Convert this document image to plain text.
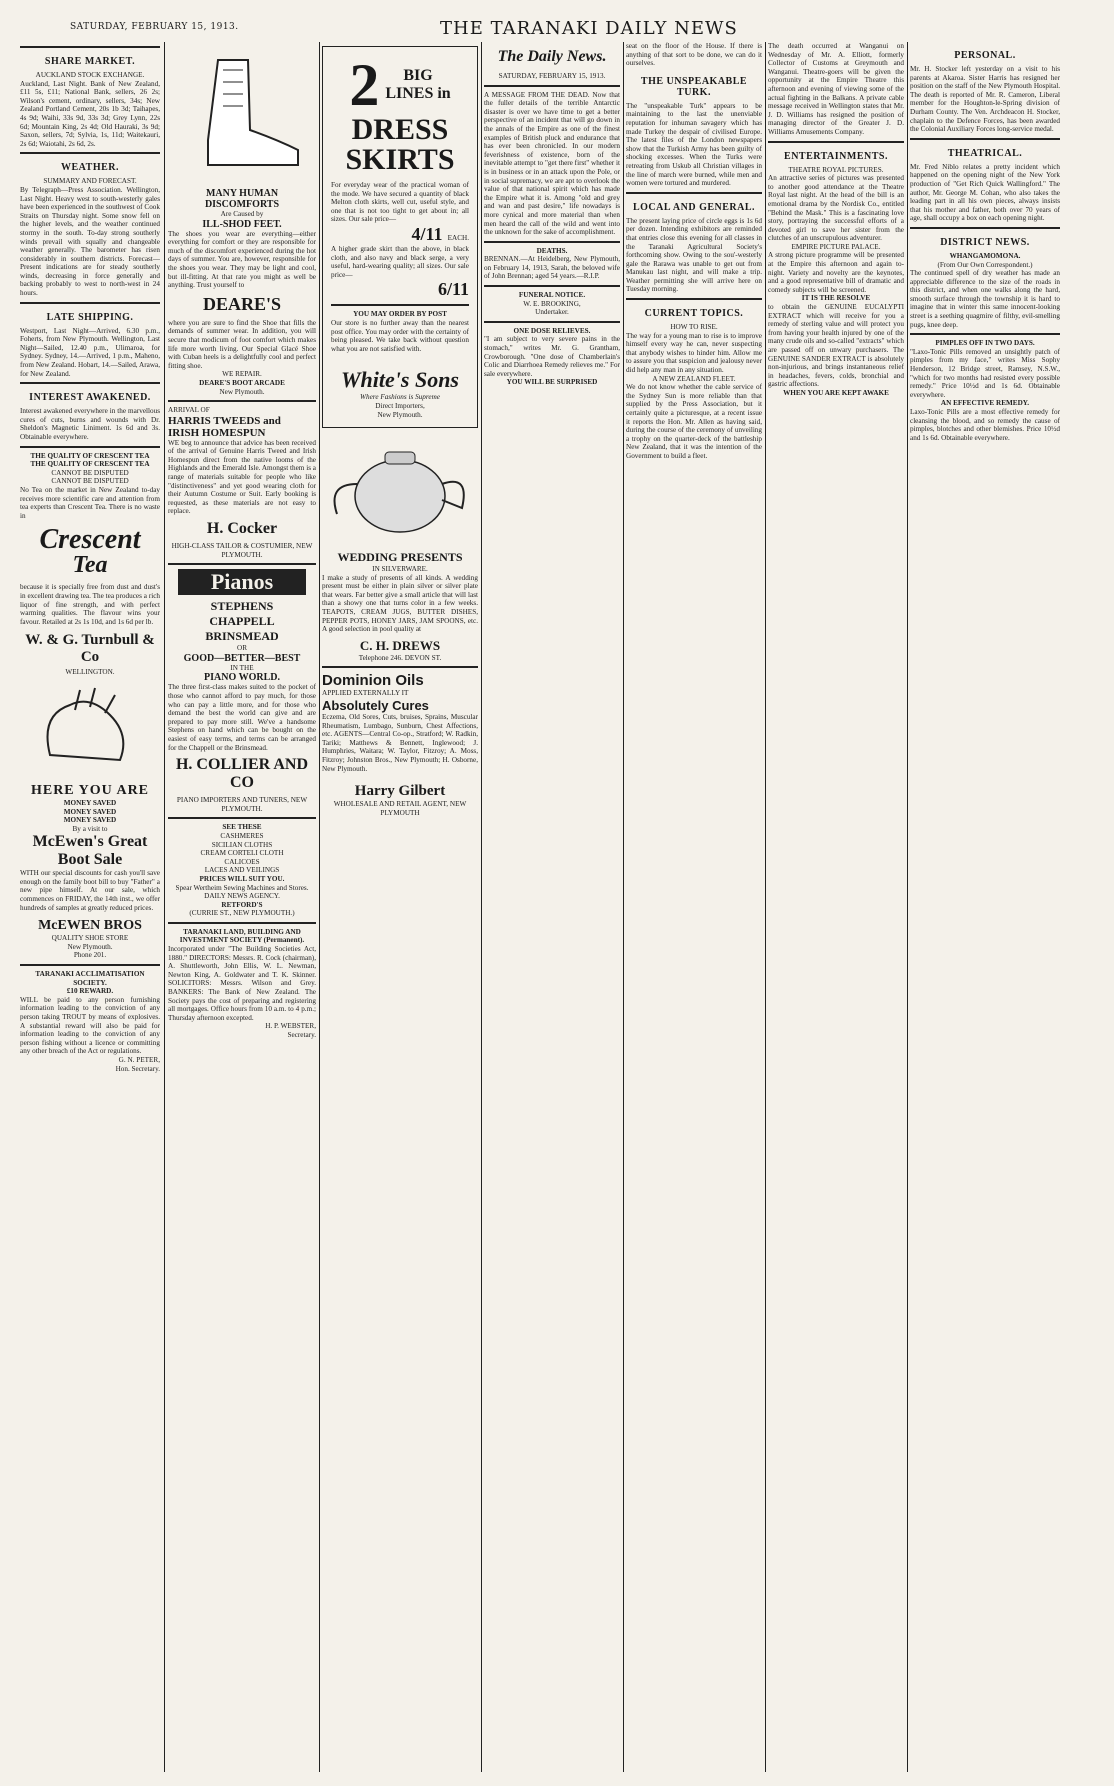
SATURDAY, FEBRUARY 15, 1913.	THE TARANAKI DAILY NEWS
SHARE MARKET.
AUCKLAND STOCK EXCHANGE.

Auckland, Last Night. Bank of New Zealand, £11 5s, £11; National Bank, sellers, 26 2s; Wilson's cement, ordinary, sellers, 34s; New Zealand Portland Cement, 20s 1b 3d; Taihapes, 4s 9d; Waihi, 33s 9d, 33s 3d; Grey Lynn, 22s 6d; Mountain King, 2s 4d; Old Hauraki, 3s 9d; Saxon, sellers, 7d; Sylvia, 1s, 11d; Waitekauri, 2s 6d; Waiotahi, 2s 6d, 2s.

WEATHER.
SUMMARY AND FORECAST.

By Telegraph—Press Association. Wellington, Last Night. Heavy west to south-westerly gales have been experienced in the southwest of Cook Straits on Thursday night. Some snow fell on the higher levels, and the weather continued stormy in the south. To-day strong southerly winds prevail with squally and changeable weather generally. The barometer has risen considerably in southern districts. Forecast—Present indications are for steady southerly winds, decreasing in force generally and backing probably to west to north-west in 24 hours.

LATE SHIPPING.

Westport, Last Night—Arrived, 6.30 p.m., Foherts, from New Plymouth. Wellington, Last Night—Sailed, 12.40 p.m., Ulimaroa, for Sydney. Sydney, 14.—Arrived, 1 p.m., Maheno, from New Zealand. Hobart, 14.—Sailed, Arawa, for New Zealand.

INTEREST AWAKENED.

Interest awakened everywhere in the marvellous cures of cuts, burns and wounds with Dr. Sheldon's Magnetic Liniment. 1s 6d and 3s. Obtainable everywhere.

THE QUALITY OF CRESCENT TEA
THE QUALITY OF CRESCENT TEA
CANNOT BE DISPUTED
CANNOT BE DISPUTED

No Tea on the market in New Zealand to-day receives more scientific care and attention from tea experts than Crescent Tea. There is no waste in

Crescent
Tea

because it is specially free from dust and dust's in excellent drawing tea. The tea produces a rich liquor of fine strength, and with perfect warming qualities. The flavour wins your favour. Retailed at 2s 1s 10d, and 1s 6d per lb.

W. & G. Turnbull & Co
WELLINGTON.
HERE YOU ARE
MONEY SAVED
MONEY SAVED
MONEY SAVED
By a visit to
McEwen's Great
Boot Sale

WITH our special discounts for cash you'll save enough on the family boot bill to buy "Father" a new pipe himself. At our sale, which commences on FRIDAY, the 14th inst., we offer hundreds of samples at greatly reduced prices.

McEWEN BROS
QUALITY SHOE STORE
New Plymouth.
Phone 201.
TARANAKI ACCLIMATISATION SOCIETY.
£10 REWARD.

WILL be paid to any person furnishing information leading to the conviction of any person taking TROUT by means of explosives. A substantial reward will also be paid for information leading to the conviction of any person fishing without a licence or committing any other breach of the Act or regulations.

G. N. PETER,
Hon. Secretary.
MANY HUMAN DISCOMFORTS
Are Caused by
ILL-SHOD FEET.

The shoes you wear are everything—either everything for comfort or they are responsible for much of the discomfort experienced during the hot days of summer. You are, however, responsible for the shoes you wear. They may be light and cool, but ill-fitting. At that rate you might as well be anything. Trust yourself to

DEARE'S

where you are sure to find the Shoe that fills the demands of summer wear. In addition, you will secure that modicum of foot comfort which makes life more worth living. Our Special Glacé Shoe with Cuban heels is a delightfully cool and perfect fitting shoe.

WE REPAIR.
DEARE'S BOOT ARCADE
New Plymouth.
ARRIVAL OF
HARRIS TWEEDS and
IRISH HOMESPUN

WE beg to announce that advice has been received of the arrival of Genuine Harris Tweed and Irish Homespun direct from the native looms of the Highlands and the Emerald Isle. Amongst them is a range of materials suitable for people who like "distinctiveness" and yet good wearing cloth for their Autumn Costume or Suit. Early booking is requested, as these materials are not easy to replace.

H. Cocker
HIGH-CLASS TAILOR & COSTUMIER, NEW PLYMOUTH.
Pianos
STEPHENS
CHAPPELL
BRINSMEAD
OR
GOOD—BETTER—BEST
IN THE
PIANO WORLD.

The three first-class makes suited to the pocket of those who cannot afford to pay much, for those who can pay a little more, and for those who demand the best the world can give and are prepared to pay more still. We've a handsome Stephens on hand which can be bought on the easiest of easy terms, and terms can be arranged for the Chappell or the Brinsmead.

H. COLLIER AND CO
PIANO IMPORTERS AND TUNERS, NEW PLYMOUTH.
SEE THESE
CASHMERES
SICILIAN CLOTHS
CREAM CORTELI CLOTH
CALICOES
LACES AND VEILINGS
PRICES WILL SUIT YOU.
Spear Wertheim Sewing Machines and Stores.
DAILY NEWS AGENCY.
RETFORD'S
(CURRIE ST., NEW PLYMOUTH.)
TARANAKI LAND, BUILDING AND INVESTMENT SOCIETY (Permanent).

Incorporated under "The Building Societies Act, 1880." DIRECTORS: Messrs. R. Cock (chairman), A. Shuttleworth, John Ellis, W. L. Newman, Newton King, A. Goldwater and T. K. Skinner. SOLICITORS: Messrs. Wilson and Grey. BANKERS: The Bank of New Zealand. The Society pays the cost of preparing and registering all mortgages. Office hours from 10 a.m. to 4 p.m.; Thursday afternoon excepted.

H. P. WEBSTER,
Secretary.
2	BIG
LINES in
DRESS
SKIRTS

For everyday wear of the practical woman of the mode. We have secured a quantity of black Melton cloth skirts, well cut, useful style, and one that is not too tight to get about in; all sizes. Our sale price—

4/11 EACH.

A higher grade skirt than the above, in black cloth, and also navy and black serge, a very useful, hard-wearing quality; all sizes. Our sale price—

6/11
YOU MAY ORDER BY POST

Our store is no further away than the nearest post office. You may order with the certainty of being pleased. We take back without question what you are not satisfied with.

White's Sons
Where Fashions is Supreme
Direct Importers,
New Plymouth.
WEDDING PRESENTS
IN SILVERWARE.

I make a study of presents of all kinds. A wedding present must be either in plain silver or silver plate that wears. Far better give a small article that will last than a showy one that turns color in a few weeks. TEAPOTS, CREAM JUGS, BUTTER DISHES, PEPPER POTS, HONEY JARS, JAM SPOONS, etc. A good selection in pool quality at

C. H. DREWS
Telephone 246. DEVON ST.
Dominion Oils
APPLIED EXTERNALLY IT
Absolutely Cures

Eczema, Old Sores, Cuts, bruises, Sprains, Muscular Rheumatism, Lumbago, Sunburn, Chest Affections, etc. AGENTS—Central Co-op., Stratford; W. Radkin, Tariki; Matthews & Bennett, Inglewood; J. Humphries, Waitara; W. Taylor, Fitzroy; A. Moss, Fitzroy; Johnston Bros., New Plymouth; H. Osborne, New Plymouth.

Harry Gilbert
WHOLESALE AND RETAIL AGENT, NEW PLYMOUTH
The Daily News.
SATURDAY, FEBRUARY 15, 1913.

A MESSAGE FROM THE DEAD. Now that the fuller details of the terrible Antarctic disaster is over we have time to get a better perspective of an incident that will go down in the annals of the Empire as one of the finest examples of British pluck and endurance that has ever been chronicled. In our modern feverishness of existence, born of the inevitable attempt to "get there first" whether it is in business or in an attack upon the Pole, or in social supremacy, we are apt to overlook the value of that national spirit which has made the Empire what it is. Among "old and grey and wan and past desire," life nowadays is more cynical and more material than when men heard the call of the wild and went into the unknown for the sake of accomplishment.

DEATHS.

BRENNAN.—At Heidelberg, New Plymouth, on February 14, 1913, Sarah, the beloved wife of John Brennan; aged 54 years.—R.I.P.

FUNERAL NOTICE.
W. E. BROOKING,
Undertaker.
ONE DOSE RELIEVES.

"I am subject to very severe pains in the stomach," writes Mr. G. Grantham, Crowborough. "One dose of Chamberlain's Colic and Diarrhoea Remedy relieves me." For sale everywhere.

YOU WILL BE SURPRISED

seat on the floor of the House. If there is anything of that sort to be done, we can do it ourselves.

THE UNSPEAKABLE TURK.

The "unspeakable Turk" appears to be maintaining to the last the unenviable reputation for inhuman savagery which has made Turkey the despair of civilised Europe. The latest files of the London newspapers show that the Turkish Army has been guilty of shocking excesses. When the Turks were retreating from Uskub all Christian villages in the line of march were burned, while men and women were tortured and murdered.

LOCAL AND GENERAL.

The present laying price of circle eggs is 1s 6d per dozen. Intending exhibitors are reminded that entries close this evening for all classes in the Taranaki Agricultural Society's forthcoming show. Owing to the sou'-westerly gale the Rarawa was unable to get out from Manukau last night, and will make a trip. Weather permitting she will arrive here on Tuesday morning.

CURRENT TOPICS.
HOW TO RISE.

The way for a young man to rise is to improve himself every way he can, never suspecting that anybody wishes to hinder him. Allow me to assure you that suspicion and jealousy never did help any man in any situation.

A NEW ZEALAND FLEET.

We do not know whether the cable service of the Sydney Sun is more reliable than that supplied by the Press Association, but it certainly quite a picturesque, at a recent issue it reports the Hon. Mr. Allen as having said, during the course of the ceremony of unveiling a trophy on the quarter-deck of the battleship New Zealand, that it was the intention of the Government to build a fleet.

The death occurred at Wanganui on Wednesday of Mr. A. Elliott, formerly Collector of Customs at Greymouth and Wanganui. Theatre-goers will be given the opportunity at the Empire Theatre this afternoon and evening of viewing some of the actual fighting in the Balkans. A private cable message received in Wellington states that Mr. J. D. Williams has resigned the position of managing director of the Greater J. D. Williams Amusements Company.

ENTERTAINMENTS.
THEATRE ROYAL PICTURES.

An attractive series of pictures was presented to another good attendance at the Theatre Royal last night. At the head of the bill is an emotional drama by the Nordisk Co., entitled "Behind the Mask." This is a fascinating love story, portraying the successful efforts of a devoted girl to save her sister from the clutches of an unscrupulous adventurer.

EMPIRE PICTURE PALACE.

A strong picture programme will be presented at the Empire this afternoon and again to-night. Variety and novelty are the keynotes, and a good representative bill of dramatic and comedy subjects will be screened.

IT IS THE RESOLVE

to obtain the GENUINE EUCALYPTI EXTRACT which will receive for you a remedy of sterling value and will protect you from having your health injured by one of the many crude oils and so-called "extracts" which are passed off on unwary purchasers. The GENUINE SANDER EXTRACT is absolutely non-injurious, and brings instantaneous relief in headaches, fevers, colds, bronchial and gastric affections.

WHEN YOU ARE KEPT AWAKE
PERSONAL.

Mr. H. Stocker left yesterday on a visit to his parents at Akaroa. Sister Harris has resigned her position on the staff of the New Plymouth Hospital. The death is reported of Mr. R. Cameron, Liberal member for the Houghton-le-Spring division of Durham County. The Ven. Archdeacon H. Stocker, chaplain to the Defence Forces, has been awarded the Colonial Auxiliary Forces long-service medal.

THEATRICAL.

Mr. Fred Niblo relates a pretty incident which happened on the opening night of the New York production of "Get Rich Quick Wallingford." The author, Mr. George M. Cohan, who also takes the leading part in all his own pieces, always insists that his mother and father, both over 70 years of age, shall occupy a box on each opening night.

DISTRICT NEWS.
WHANGAMOMONA.
(From Our Own Correspondent.)

The continued spell of dry weather has made an appreciable difference to the size of the roads in this district, and when one walks along the hard, smooth surface through the township it is hard to imagine that in winter this same innocent-looking street is a seething quagmire of filthy, evil-smelling pugs, knee deep.

PIMPLES OFF IN TWO DAYS.

"Laxo-Tonic Pills removed an unsightly patch of pimples from my face," writes Miss Sophy Henderson, 12 Bridge street, Ramsey, N.S.W., "which for two months had resisted every possible remedy." Price 10½d and 1s 6d. Obtainable everywhere.

AN EFFECTIVE REMEDY.

Laxo-Tonic Pills are a most effective remedy for cleansing the blood, and so remedy the cause of pimples, blotches and other blemishes. Price 10½d and 1s 6d. Obtainable everywhere.
